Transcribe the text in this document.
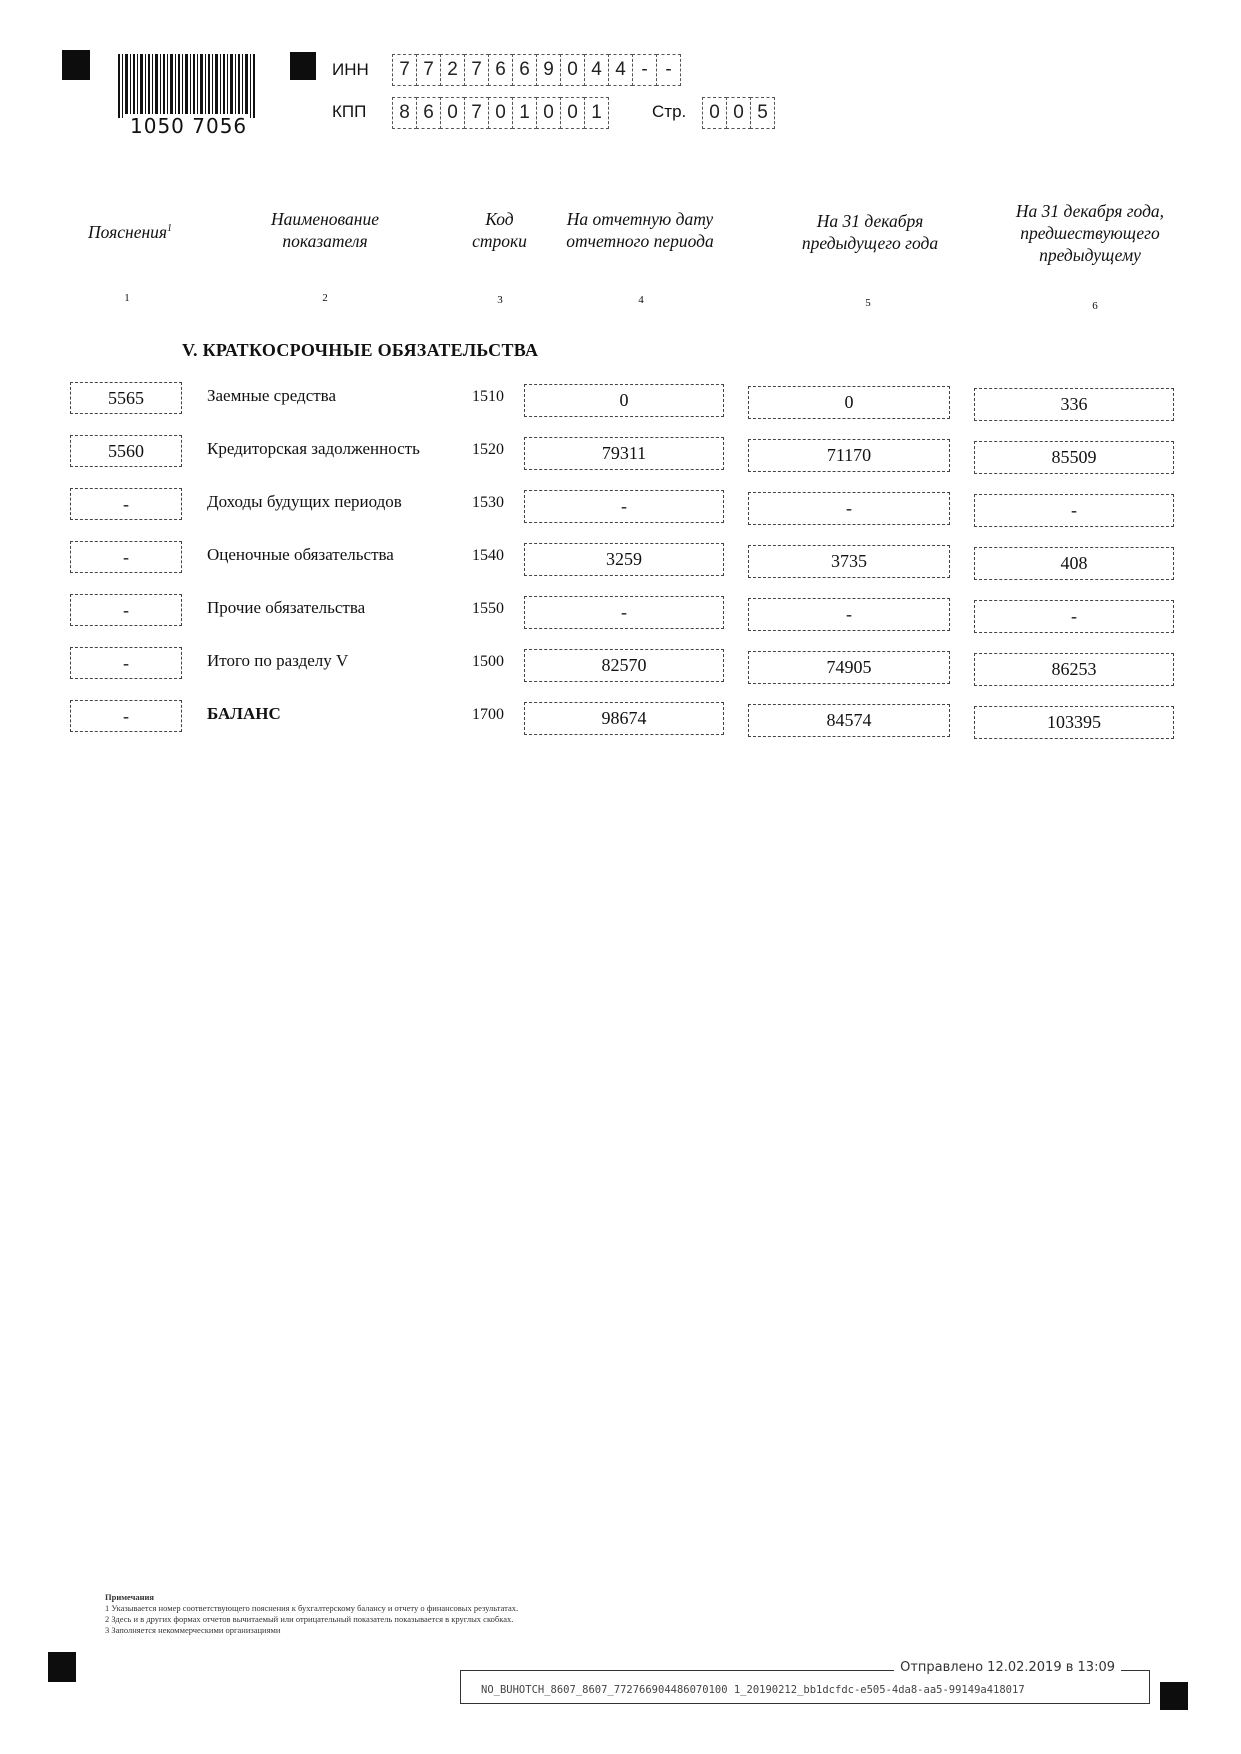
1050 7056
ИНН	7 7 2 7 6 6 9 0 4 4 - -
КПП	8 6 0 7 0 1 0 0 1	Стр.	0 0 5
Пояснения$^1$	Наименование показателя
Код строки
На отчетную дату отчетного периода
На 31 декабря предыдущего года
На 31 декабря года, предшествующего предыдущему
1	2	3	4	5	6
V. КРАТКОСРОЧНЫЕ ОБЯЗАТЕЛЬСТВА
5565	Заемные средства	1510	0	0	336
5560	Кредиторская задолженность	1520	79311	71170	85509
-	Доходы будущих периодов	1530	-	-	-
-	Оценочные обязательства	1540	3259	3735	408
-	Прочие обязательства	1550	-	-	-
-	Итого по разделу V	1500	82570	74905	86253
-	БАЛАНС	1700	98674	84574	103395
Примечания
1 Указывается номер соответствующего пояснения к бухгалтерскому балансу и отчету о финансовых результатах.
2 Здесь и в других формах отчетов вычитаемый или отрицательный показатель показывается в круглых скобках.
3 Заполняется некоммерческими организациями
Отправлено 12.02.2019 в 13:09
NO_BUHOTCH_8607_8607_772766904486070100 1_20190212_bb1dcfdc-e505-4da8-aa5-99149a418017
